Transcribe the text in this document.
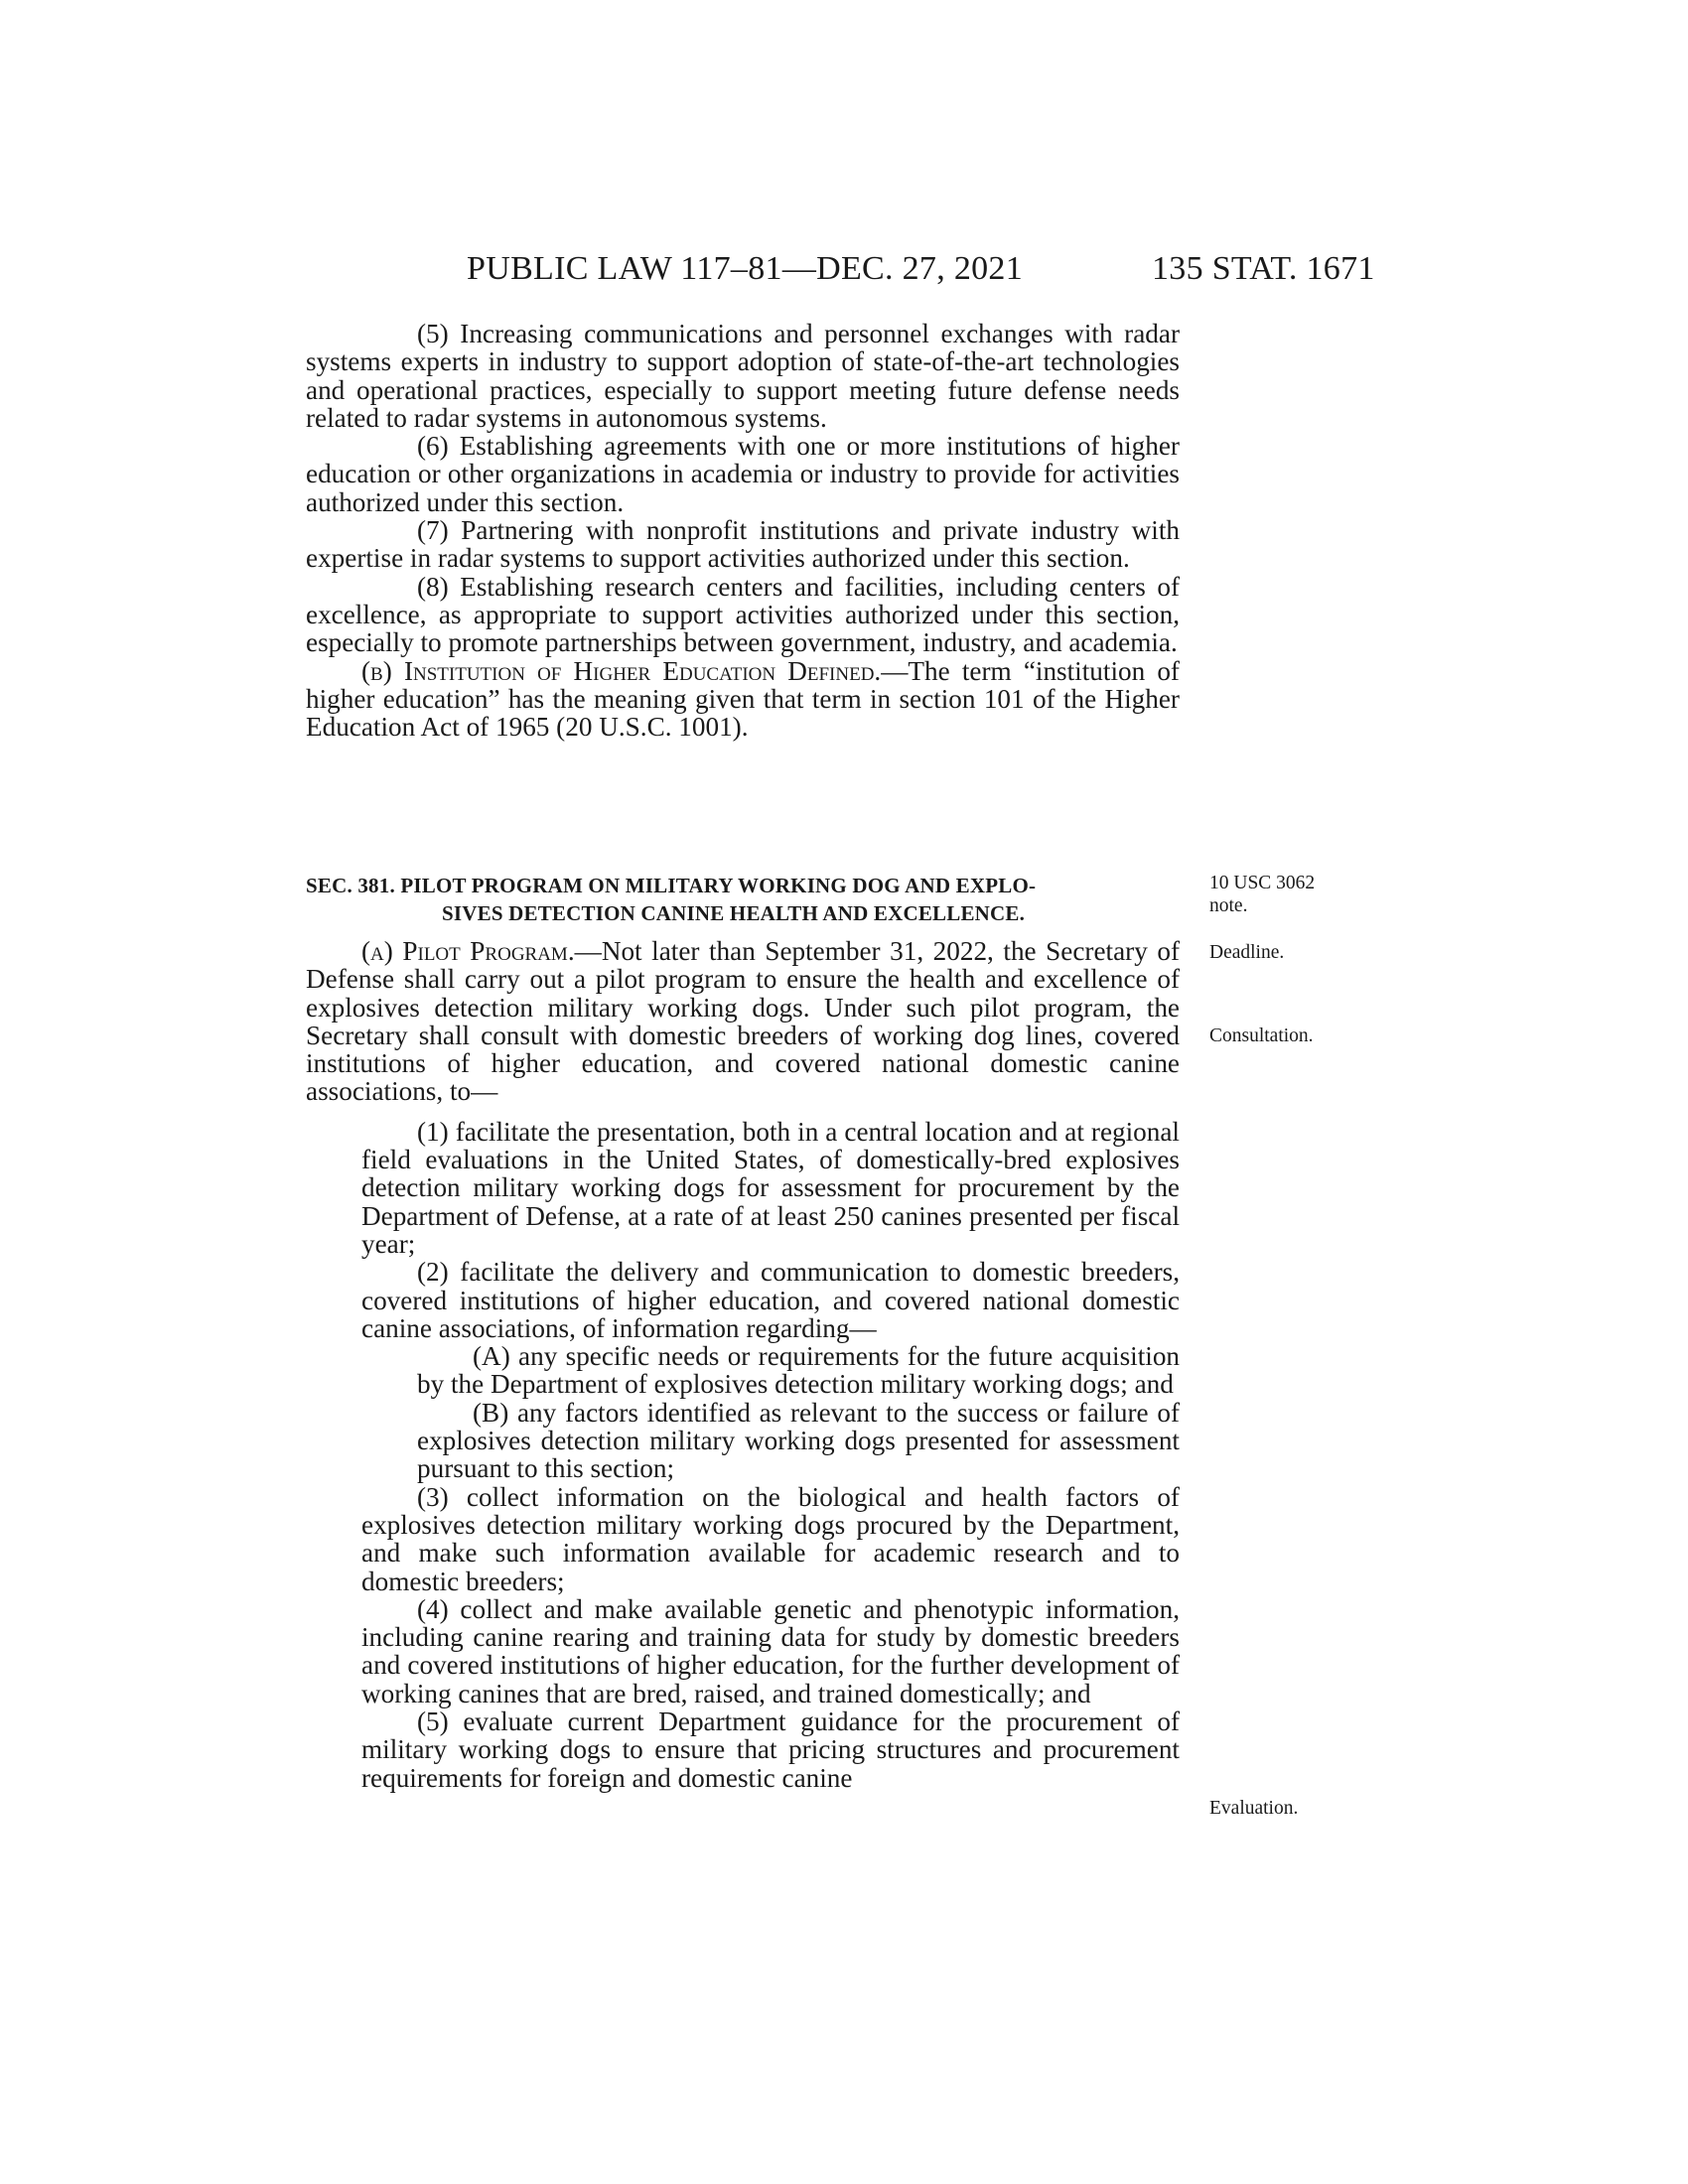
PUBLIC LAW 117–81—DEC. 27, 2021	135 STAT. 1671

(5) Increasing communications and personnel exchanges with radar systems experts in industry to support adoption of state-of-the-art technologies and operational practices, especially to support meeting future defense needs related to radar systems in autonomous systems.

(6) Establishing agreements with one or more institutions of higher education or other organizations in academia or industry to provide for activities authorized under this section.

(7) Partnering with nonprofit institutions and private industry with expertise in radar systems to support activities authorized under this section.

(8) Establishing research centers and facilities, including centers of excellence, as appropriate to support activities authorized under this section, especially to promote partnerships between government, industry, and academia.

(b) Institution of Higher Education Defined.—The term “institution of higher education” has the meaning given that term in section 101 of the Higher Education Act of 1965 (20 U.S.C. 1001).

SEC. 381. PILOT PROGRAM ON MILITARY WORKING DOG AND EXPLO-
SIVES DETECTION CANINE HEALTH AND EXCELLENCE.

(a) Pilot Program.—Not later than September 31, 2022, the Secretary of Defense shall carry out a pilot program to ensure the health and excellence of explosives detection military working dogs. Under such pilot program, the Secretary shall consult with domestic breeders of working dog lines, covered institutions of higher education, and covered national domestic canine associations, to—

(1) facilitate the presentation, both in a central location and at regional field evaluations in the United States, of domestically-bred explosives detection military working dogs for assessment for procurement by the Department of Defense, at a rate of at least 250 canines presented per fiscal year;

(2) facilitate the delivery and communication to domestic breeders, covered institutions of higher education, and covered national domestic canine associations, of information regarding—

(A) any specific needs or requirements for the future acquisition by the Department of explosives detection military working dogs; and

(B) any factors identified as relevant to the success or failure of explosives detection military working dogs presented for assessment pursuant to this section;

(3) collect information on the biological and health factors of explosives detection military working dogs procured by the Department, and make such information available for academic research and to domestic breeders;

(4) collect and make available genetic and phenotypic information, including canine rearing and training data for study by domestic breeders and covered institutions of higher education, for the further development of working canines that are bred, raised, and trained domestically; and

(5) evaluate current Department guidance for the procurement of military working dogs to ensure that pricing structures and procurement requirements for foreign and domestic canine

10 USC 3062
note.
Deadline.
Consultation.
Evaluation.
